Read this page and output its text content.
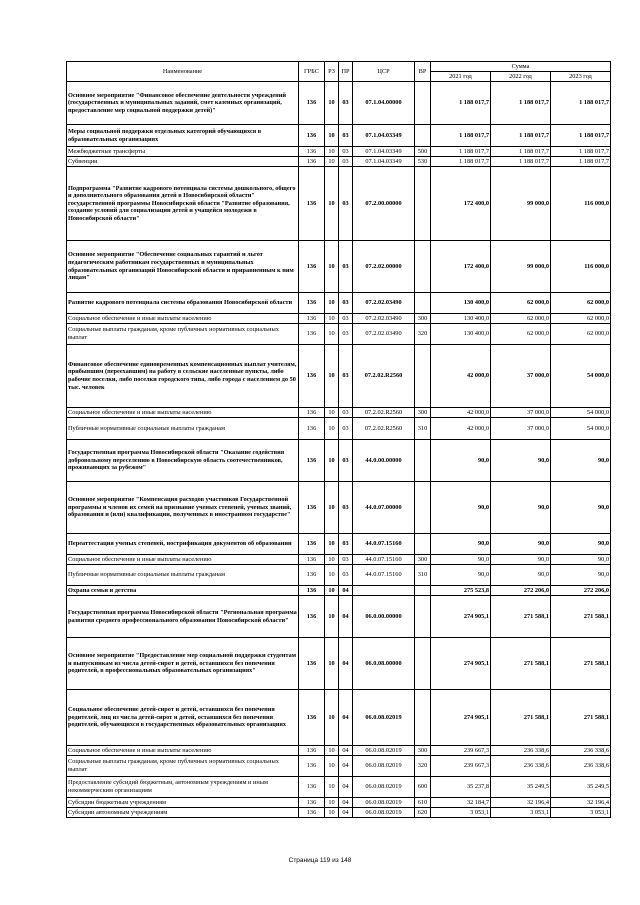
Наименование	ГРБС	РЗ	ПР	ЦСР	ВР	Сумма		
						2021 год	2022 год	2023 год
Основное мероприятие "Финансовое обеспечение деятельности учреждений (государственных и муниципальных заданий, смет казенных организаций, предоставление мер социальной поддержки детей)"	136	10	03	07.1.04.00000		1 188 017,7	1 188 017,7	1 188 017,7
Меры социальной поддержки отдельных категорий обучающихся в образовательных организациях	136	10	03	07.1.04.03349		1 188 017,7	1 188 017,7	1 188 017,7
Межбюджетные трансферты	136	10	03	07.1.04.03349	500	1 188 017,7	1 188 017,7	1 188 017,7
Субвенции	136	10	03	07.1.04.03349	530	1 188 017,7	1 188 017,7	1 188 017,7
Подпрограмма "Развитие кадрового потенциала системы дошкольного, общего и дополнительного образования детей в Новосибирской области" государственной программы Новосибирской области "Развитие образования, создание условий для социализации детей и учащейся молодежи в Новосибирской области"	136	10	03	07.2.00.00000		172 400,0	99 000,0	116 000,0
Основное мероприятие "Обеспечение социальных гарантий и льгот педагогическим работникам государственных и муниципальных образовательных организаций Новосибирской области и приравненным к ним лицам"	136	10	03	07.2.02.00000		172 400,0	99 000,0	116 000,0
Развитие кадрового потенциала системы образования Новосибирской области	136	10	03	07.2.02.03490		130 400,0	62 000,0	62 000,0
Социальное обеспечение и иные выплаты населению	136	10	03	07.2.02.03490	300	130 400,0	62 000,0	62 000,0
Социальные выплаты гражданам, кроме публичных нормативных социальных выплат	136	10	03	07.2.02.03490	320	130 400,0	62 000,0	62 000,0
Финансовое обеспечение единовременных компенсационных выплат учителям, прибывшим (переехавшим) на работу в сельские населенные пункты, либо рабочие поселки, либо поселки городского типа, либо города с населением до 50 тыс. человек	136	10	03	07.2.02.R2560		42 000,0	37 000,0	54 000,0
Социальное обеспечение и иные выплаты населению	136	10	03	07.2.02.R2560	300	42 000,0	37 000,0	54 000,0
Публичные нормативные социальные выплаты гражданам	136	10	03	07.2.02.R2560	310	42 000,0	37 000,0	54 000,0
Государственная программа Новосибирской области "Оказание содействия добровольному переселению в Новосибирскую область соотечественников, проживающих за рубежом"	136	10	03	44.0.00.00000		90,0	90,0	90,0
Основное мероприятие "Компенсация расходов участников Государственной программы и членов их семей на признание ученых степеней, ученых званий, образования и (или) квалификации, полученных в иностранном государстве"	136	10	03	44.0.07.00000		90,0	90,0	90,0
Переаттестация ученых степеней, нострификация документов об образовании	136	10	03	44.0.07.15160		90,0	90,0	90,0
Социальное обеспечение и иные выплаты населению	136	10	03	44.0.07.15160	300	90,0	90,0	90,0
Публичные нормативные социальные выплаты гражданам	136	10	03	44.0.07.15160	310	90,0	90,0	90,0
Охрана семьи и детства	136	10	04			275 523,8	272 206,0	272 206,0
Государственная программа Новосибирской области "Региональная программа развития среднего профессионального образования Новосибирской области"	136	10	04	06.0.00.00000		274 905,1	271 588,1	271 588,1
Основное мероприятие "Предоставление мер социальной поддержки студентам и выпускникам из числа детей-сирот и детей, оставшихся без попечения родителей, в профессиональных образовательных организациях"	136	10	04	06.0.08.00000		274 905,1	271 588,1	271 588,1
Социальное обеспечение детей-сирот и детей, оставшихся без попечения родителей, лиц из числа детей-сирот и детей, оставшихся без попечения родителей, обучающихся в государственных образовательных организациях	136	10	04	06.0.08.02019		274 905,1	271 588,1	271 588,1
Социальное обеспечение и иные выплаты населению	136	10	04	06.0.08.02019	300	239 667,3	236 338,6	236 338,6
Социальные выплаты гражданам, кроме публичных нормативных социальных выплат	136	10	04	06.0.08.02019	320	239 667,3	236 338,6	236 338,6
Предоставление субсидий бюджетным, автономным учреждениям и иным некоммерческим организациям	136	10	04	06.0.08.02019	600	35 237,8	35 249,5	35 249,5
Субсидии бюджетным учреждениям	136	10	04	06.0.08.02019	610	32 184,7	32 196,4	32 196,4
Субсидии автономным учреждениям	136	10	04	06.0.08.02019	620	3 053,1	3 053,1	3 053,1
Страница 119 из 148
